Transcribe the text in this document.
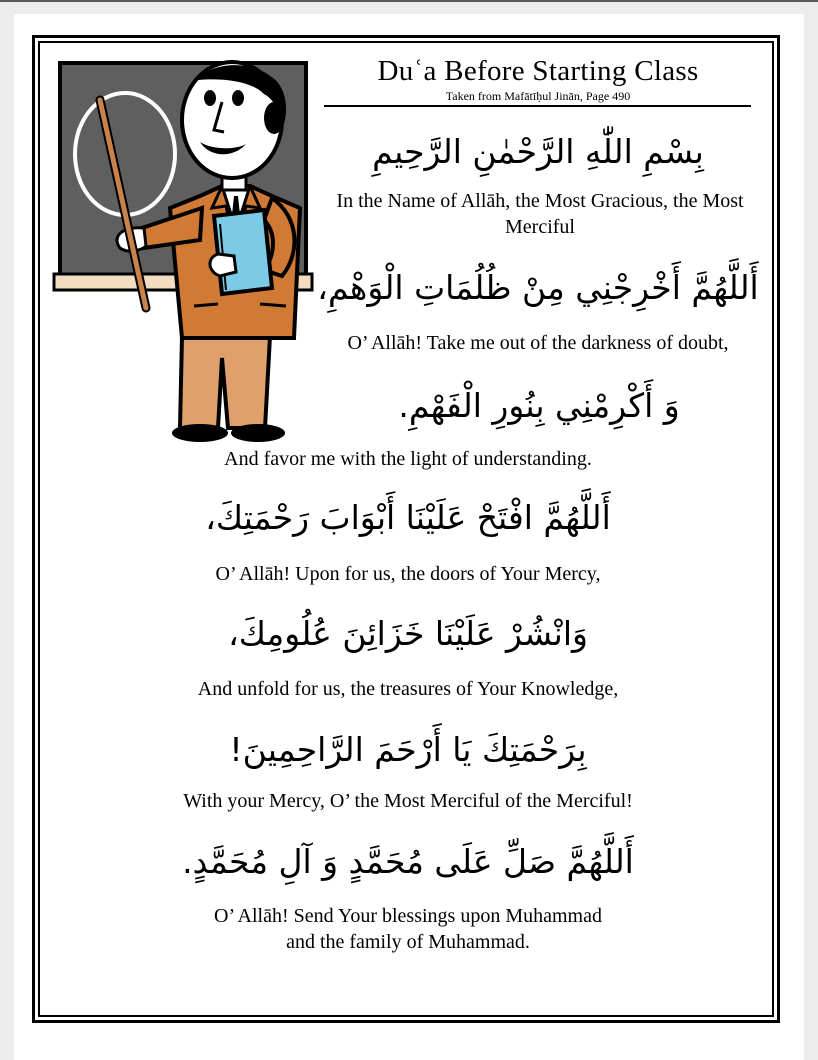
Duʿa Before Starting Class
Taken from Mafātīḥul Jinān, Page 490
بِسْمِ اللّٰهِ الرَّحْمٰنِ الرَّحِيمِ
In the Name of Allāh, the Most Gracious, the Most Merciful
أَللَّهُمَّ أَخْرِجْنِي مِنْ ظُلُمَاتِ الْوَهْمِ،
O’ Allāh! Take me out of the darkness of doubt,
وَ أَكْرِمْنِي بِنُورِ الْفَهْمِ.
And favor me with the light of understanding.
أَللَّهُمَّ افْتَحْ عَلَيْنَا أَبْوَابَ رَحْمَتِكَ،
O’ Allāh! Upon for us, the doors of Your Mercy,
وَانْشُرْ عَلَيْنَا خَزَائِنَ عُلُومِكَ،
And unfold for us, the treasures of Your Knowledge,
بِرَحْمَتِكَ يَا أَرْحَمَ الرَّاحِمِينَ!
With your Mercy, O’ the Most Merciful of the Merciful!
أَللَّهُمَّ صَلِّ عَلَى مُحَمَّدٍ وَ آلِ مُحَمَّدٍ.
O’ Allāh! Send Your blessings upon Muhammad and the family of Muhammad.
